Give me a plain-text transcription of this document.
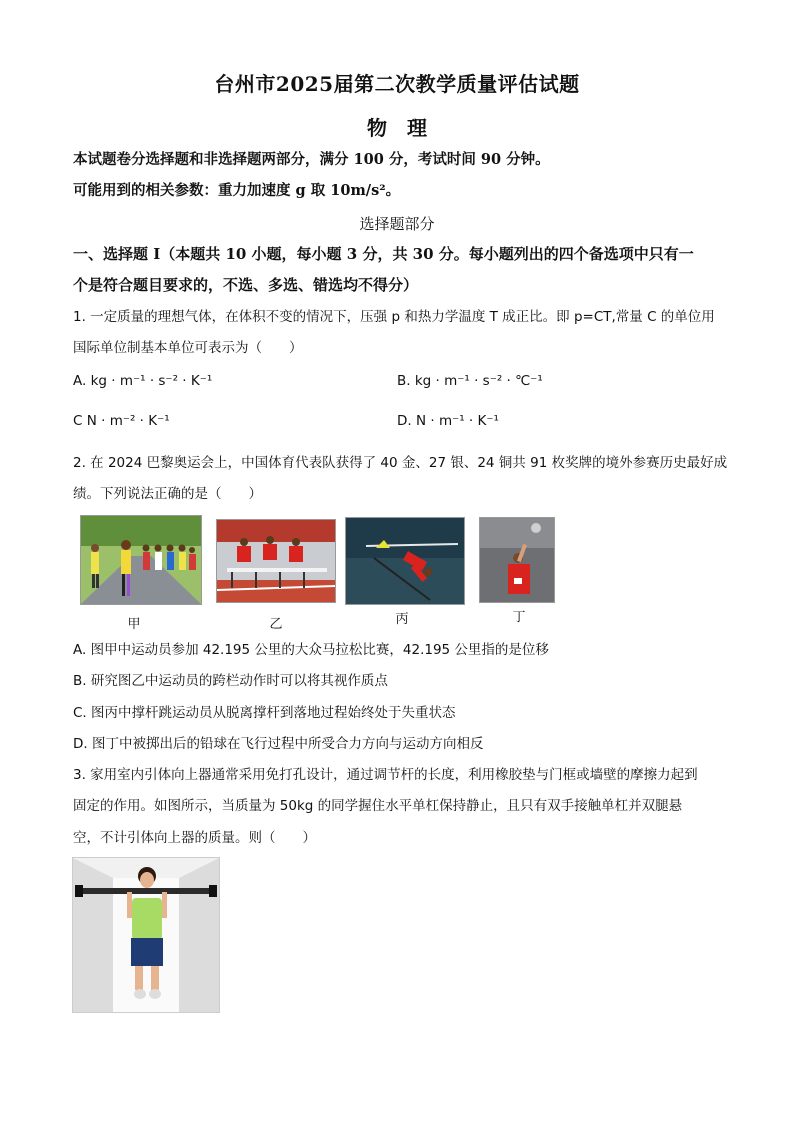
台州市2025届第二次教学质量评估试题
物　理
本试题卷分选择题和非选择题两部分，满分 100 分，考试时间 90 分钟。
可能用到的相关参数：重力加速度 g 取 10m/s²。
选择题部分
一、选择题 Ⅰ（本题共 10 小题，每小题 3 分，共 30 分。每小题列出的四个备选项中只有一
个是符合题目要求的，不选、多选、错选均不得分）
1. 一定质量的理想气体，在体积不变的情况下，压强 p 和热力学温度 T 成正比。即 p=CT,常量 C 的单位用
国际单位制基本单位可表示为（　　）
A. kg · m⁻¹ · s⁻² · K⁻¹	B. kg · m⁻¹ · s⁻² · ℃⁻¹
C N · m⁻² · K⁻¹	D. N · m⁻¹ · K⁻¹
2. 在 2024 巴黎奥运会上，中国体育代表队获得了 40 金、27 银、24 铜共 91 枚奖牌的境外参赛历史最好成
绩。下列说法正确的是（　　）
甲	乙	丙	丁
A. 图甲中运动员参加 42.195 公里的大众马拉松比赛，42.195 公里指的是位移
B. 研究图乙中运动员的跨栏动作时可以将其视作质点
C. 图丙中撑杆跳运动员从脱离撑杆到落地过程始终处于失重状态
D. 图丁中被掷出后的铅球在飞行过程中所受合力方向与运动方向相反
3. 家用室内引体向上器通常采用免打孔设计，通过调节杆的长度，利用橡胶垫与门框或墙壁的摩擦力起到
固定的作用。如图所示，当质量为 50kg 的同学握住水平单杠保持静止，且只有双手接触单杠并双腿悬
空，不计引体向上器的质量。则（　　）
